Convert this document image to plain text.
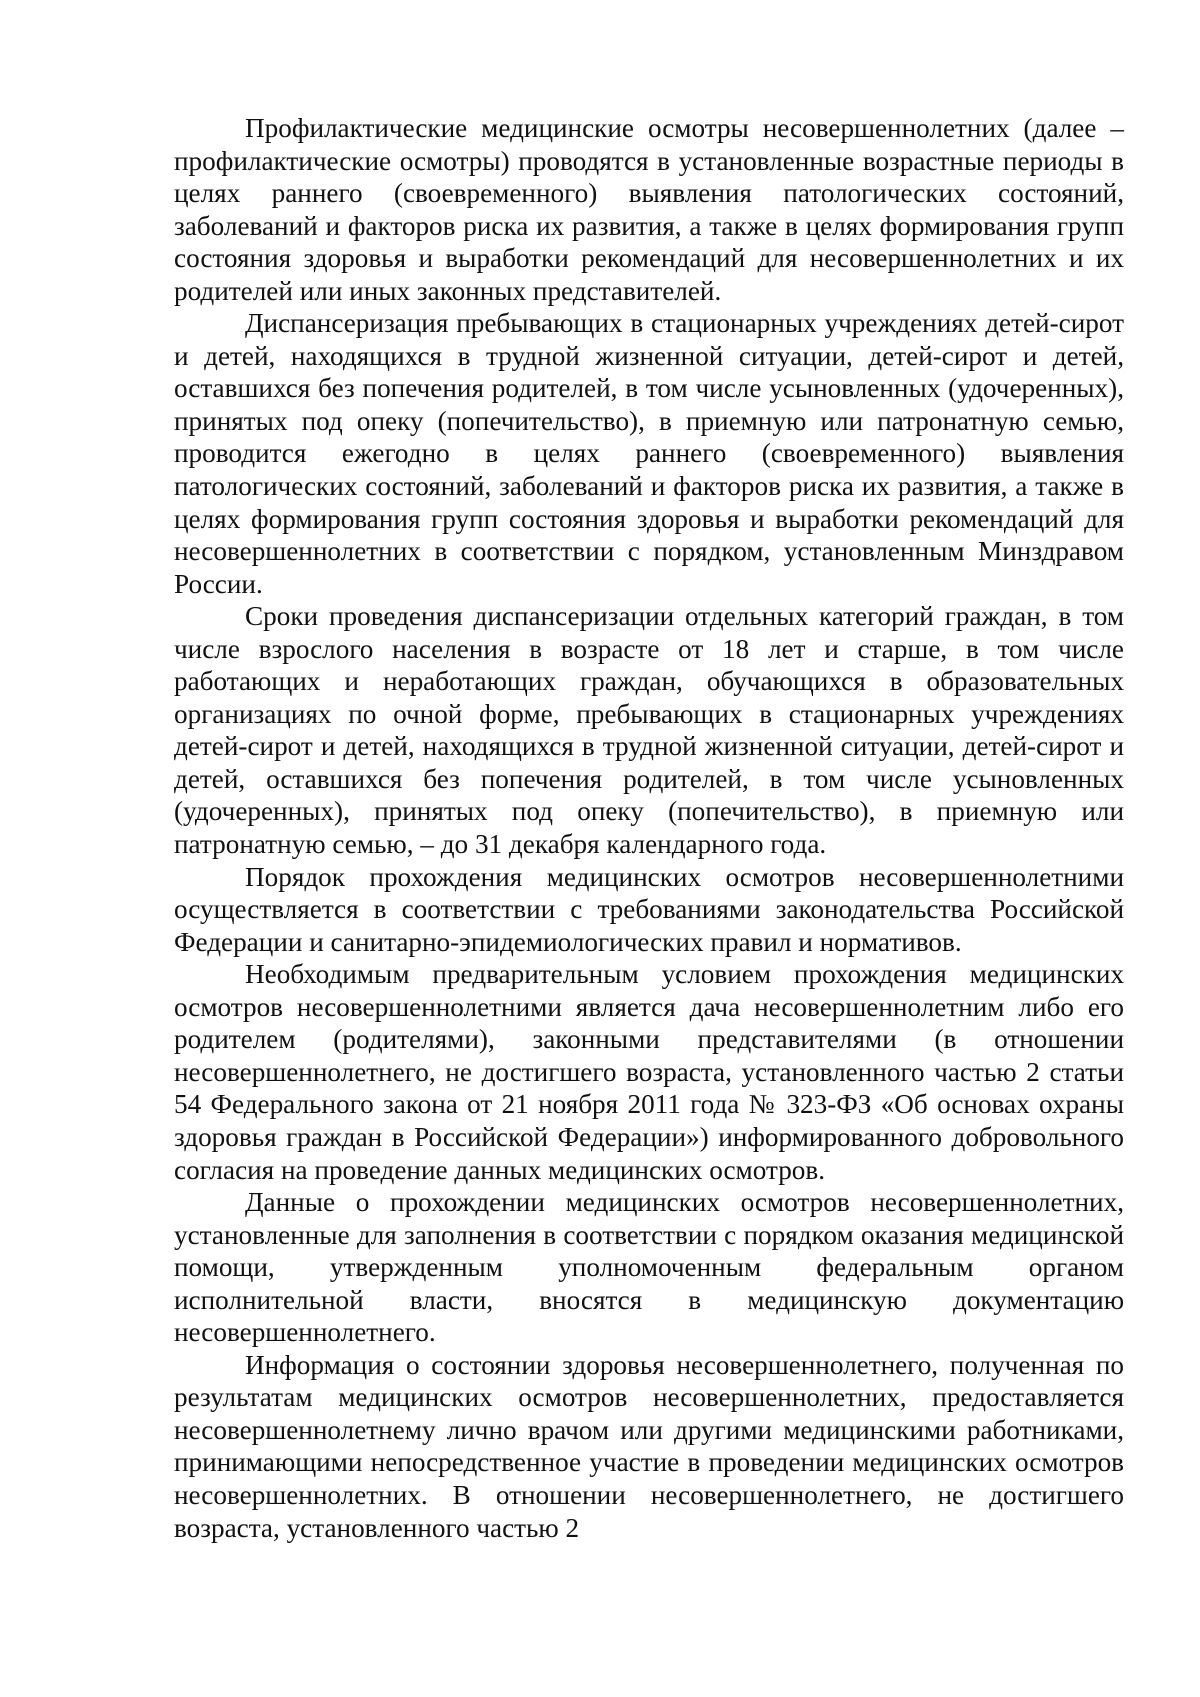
Профилактические медицинские осмотры несовершеннолетних (далее – профилактические осмотры) проводятся в установленные возрастные периоды в целях раннего (своевременного) выявления патологических состояний, заболеваний и факторов риска их развития, а также в целях формирования групп состояния здоровья и выработки рекомендаций для несовершеннолетних и их родителей или иных законных представителей.

Диспансеризация пребывающих в стационарных учреждениях детей-сирот и детей, находящихся в трудной жизненной ситуации, детей-сирот и детей, оставшихся без попечения родителей, в том числе усыновленных (удочеренных), принятых под опеку (попечительство), в приемную или патронатную семью, проводится ежегодно в целях раннего (своевременного) выявления патологических состояний, заболеваний и факторов риска их развития, а также в целях формирования групп состояния здоровья и выработки рекомендаций для несовершеннолетних в соответствии с порядком, установленным Минздравом России.

Сроки проведения диспансеризации отдельных категорий граждан, в том числе взрослого населения в возрасте от 18 лет и старше, в том числе работающих и неработающих граждан, обучающихся в образовательных организациях по очной форме, пребывающих в стационарных учреждениях детей-сирот и детей, находящихся в трудной жизненной ситуации, детей-сирот и детей, оставшихся без попечения родителей, в том числе усыновленных (удочеренных), принятых под опеку (попечительство), в приемную или патронатную семью, – до 31 декабря календарного года.

Порядок прохождения медицинских осмотров несовершеннолетними осуществляется в соответствии с требованиями законодательства Российской Федерации и санитарно-эпидемиологических правил и нормативов.

Необходимым предварительным условием прохождения медицинских осмотров несовершеннолетними является дача несовершеннолетним либо его родителем (родителями), законными представителями (в отношении несовершеннолетнего, не достигшего возраста, установленного частью 2 статьи 54 Федерального закона от 21 ноября 2011 года № 323-ФЗ «Об основах охраны здоровья граждан в Российской Федерации») информированного добровольного согласия на проведение данных медицинских осмотров.

Данные о прохождении медицинских осмотров несовершеннолетних, установленные для заполнения в соответствии с порядком оказания медицинской помощи, утвержденным уполномоченным федеральным органом исполнительной власти, вносятся в медицинскую документацию несовершеннолетнего.

Информация о состоянии здоровья несовершеннолетнего, полученная по результатам медицинских осмотров несовершеннолетних, предоставляется несовершеннолетнему лично врачом или другими медицинскими работниками, принимающими непосредственное участие в проведении медицинских осмотров несовершеннолетних. В отношении несовершеннолетнего, не достигшего возраста, установленного частью 2
